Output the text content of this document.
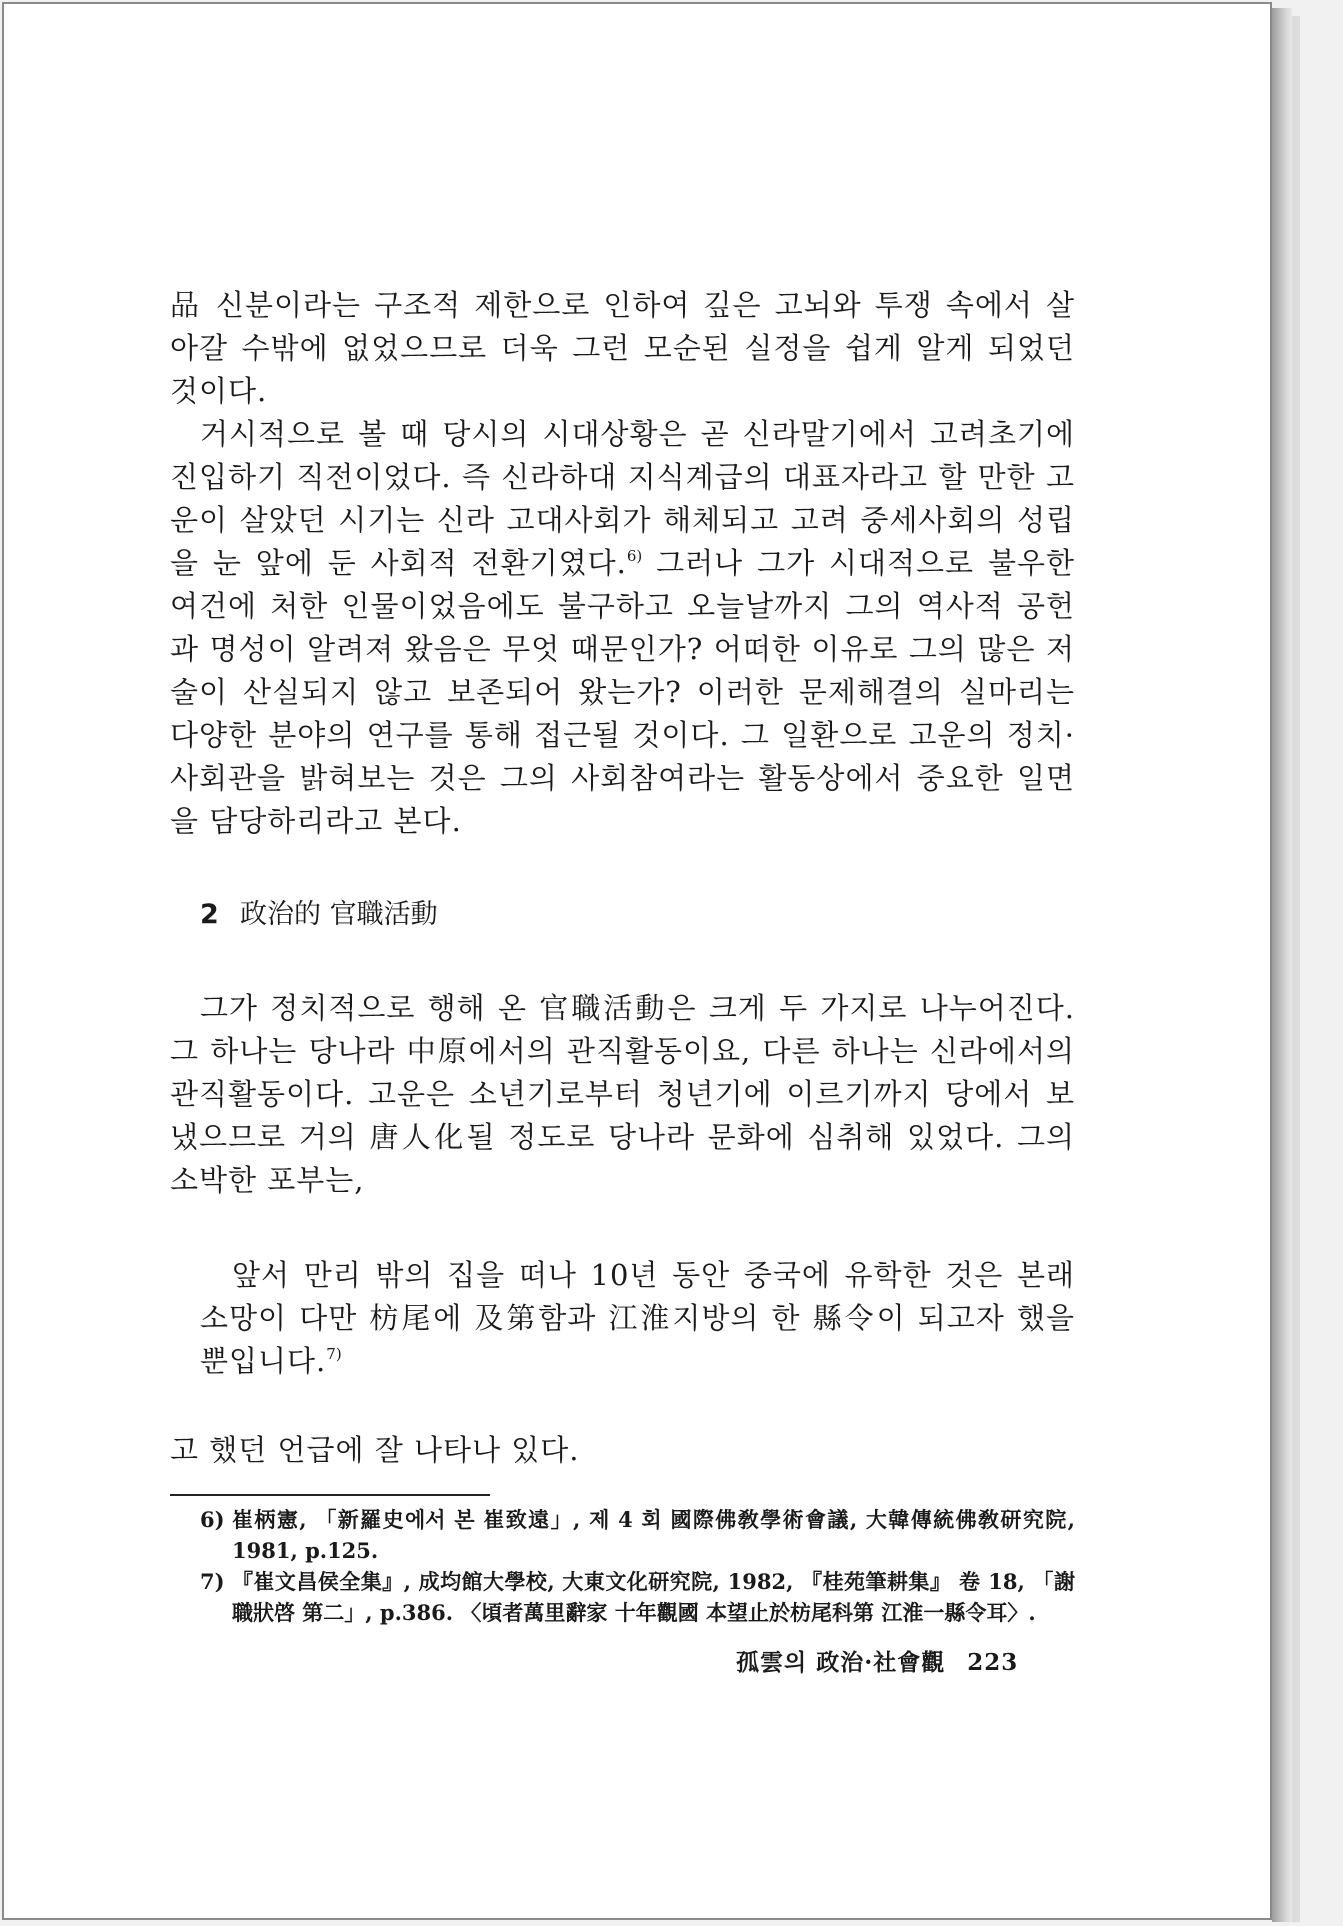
品 신분이라는 구조적 제한으로 인하여 깊은 고뇌와 투쟁 속에서 살아갈 수밖에 없었으므로 더욱 그런 모순된 실정을 쉽게 알게 되었던 것이다.

거시적으로 볼 때 당시의 시대상황은 곧 신라말기에서 고려초기에 진입하기 직전이었다. 즉 신라하대 지식계급의 대표자라고 할 만한 고운이 살았던 시기는 신라 고대사회가 해체되고 고려 중세사회의 성립을 눈 앞에 둔 사회적 전환기였다.$^{6)}$ 그러나 그가 시대적으로 불우한 여건에 처한 인물이었음에도 불구하고 오늘날까지 그의 역사적 공헌과 명성이 알려져 왔음은 무엇 때문인가? 어떠한 이유로 그의 많은 저술이 산실되지 않고 보존되어 왔는가? 이러한 문제해결의 실마리는 다양한 분야의 연구를 통해 접근될 것이다. 그 일환으로 고운의 정치·사회관을 밝혀보는 것은 그의 사회참여라는 활동상에서 중요한 일면을 담당하리라고 본다.

2 政治的 官職活動

그가 정치적으로 행해 온 官職活動은 크게 두 가지로 나누어진다. 그 하나는 당나라 中原에서의 관직활동이요, 다른 하나는 신라에서의 관직활동이다. 고운은 소년기로부터 청년기에 이르기까지 당에서 보냈으므로 거의 唐人化될 정도로 당나라 문화에 심취해 있었다. 그의 소박한 포부는,

앞서 만리 밖의 집을 떠나 10년 동안 중국에 유학한 것은 본래 소망이 다만 枋尾에 及第함과 江淮지방의 한 縣令이 되고자 했을 뿐입니다.$^{7)}$

고 했던 언급에 잘 나타나 있다.

6) 崔柄憲, 「新羅史에서 본 崔致遠」, 제 4 회 國際佛敎學術會議, 大韓傳統佛敎研究院, 1981, p.125.
7) 『崔文昌侯全集』, 成均館大學校, 大東文化研究院, 1982, 『桂苑筆耕集』 卷 18, 「謝職狀啓 第二」, p.386. 〈頃者萬里辭家 十年觀國 本望止於枋尾科第 江淮一縣令耳〉.
孤雲의 政治·社會觀 223
